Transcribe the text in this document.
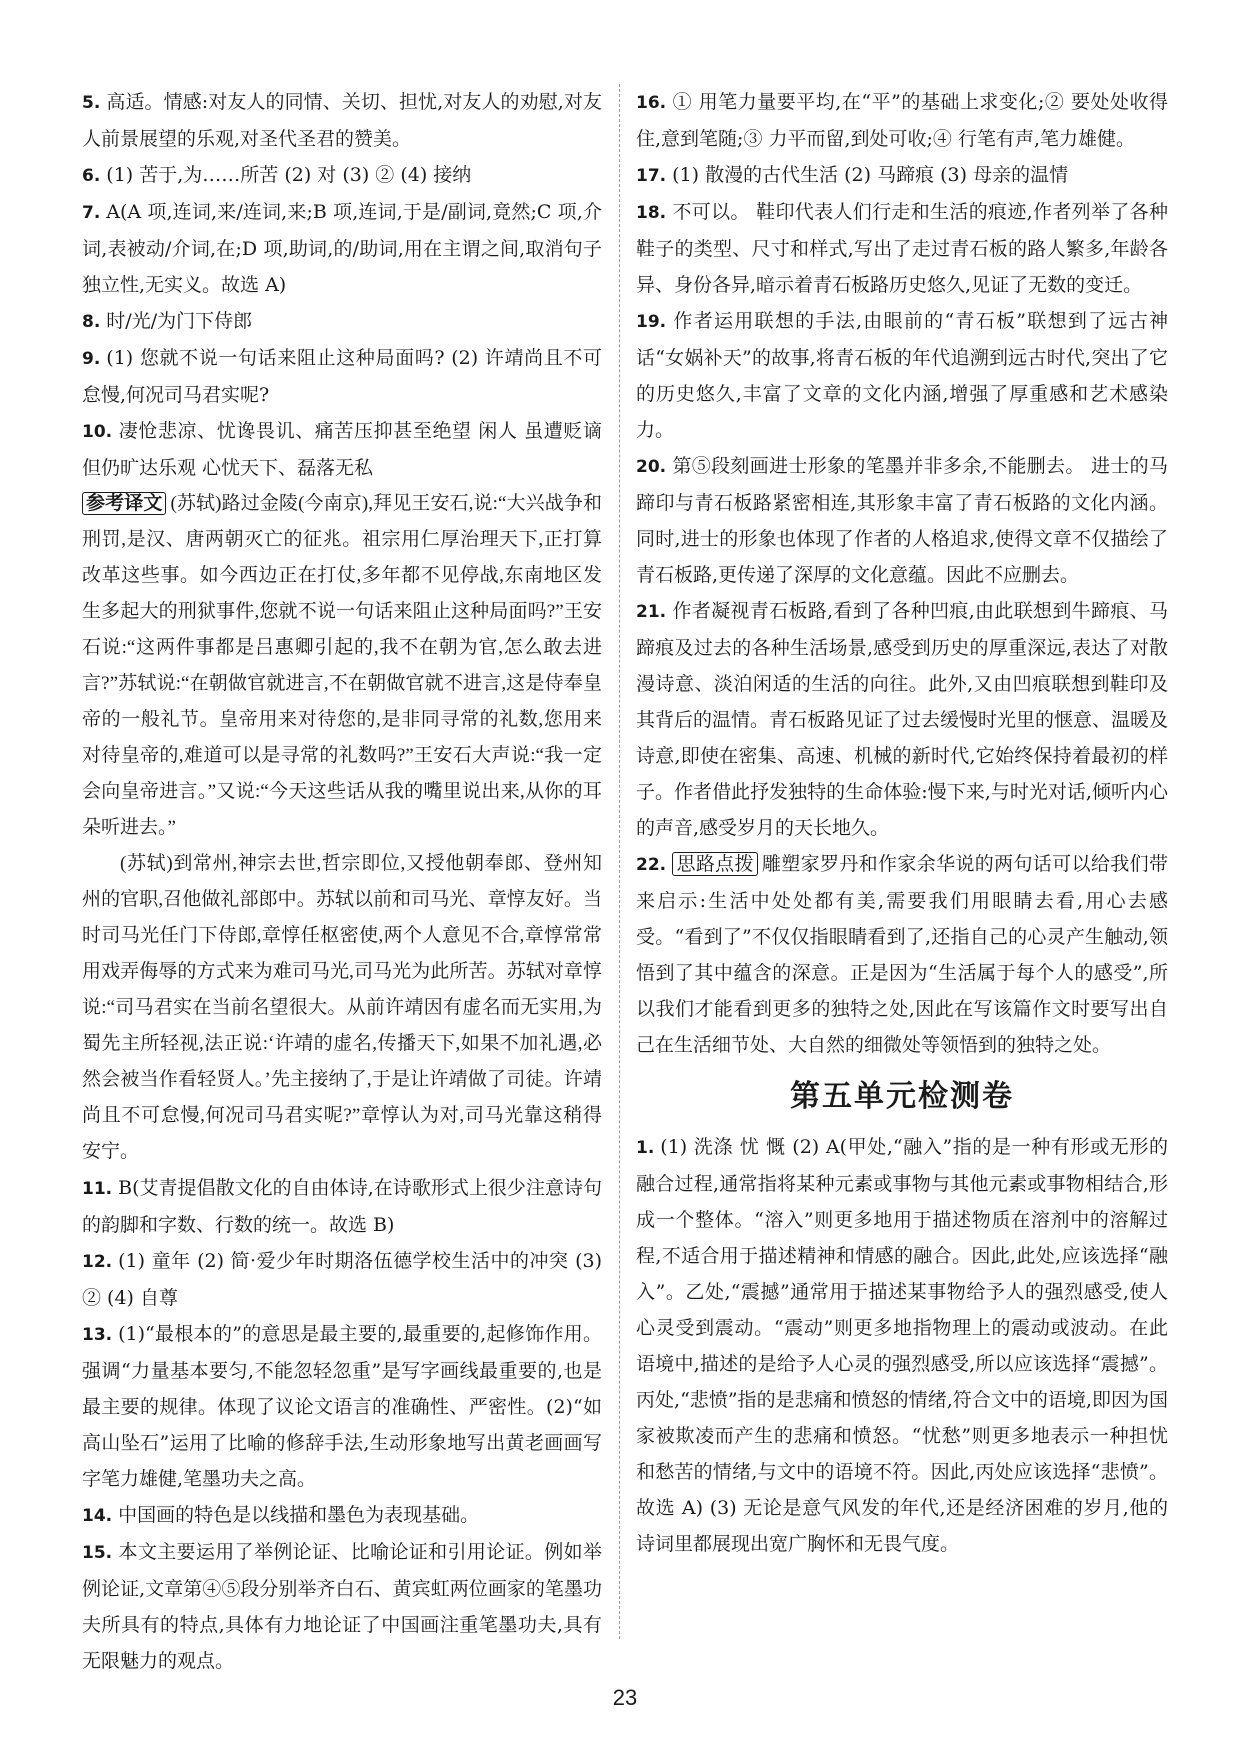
5. 高适。情感:对友人的同情、关切、担忧,对友人的劝慰,对友人前景展望的乐观,对圣代圣君的赞美。

6. (1) 苦于,为……所苦 (2) 对 (3) ② (4) 接纳

7. A(A 项,连词,来/连词,来;B 项,连词,于是/副词,竟然;C 项,介词,表被动/介词,在;D 项,助词,的/助词,用在主谓之间,取消句子独立性,无实义。故选 A)

8. 时/光/为门下侍郎

9. (1) 您就不说一句话来阻止这种局面吗? (2) 许靖尚且不可怠慢,何况司马君实呢?

10. 凄怆悲凉、忧谗畏讥、痛苦压抑甚至绝望 闲人 虽遭贬谪但仍旷达乐观 心忧天下、磊落无私

参考译文 (苏轼)路过金陵(今南京),拜见王安石,说:“大兴战争和刑罚,是汉、唐两朝灭亡的征兆。祖宗用仁厚治理天下,正打算改革这些事。如今西边正在打仗,多年都不见停战,东南地区发生多起大的刑狱事件,您就不说一句话来阻止这种局面吗?”王安石说:“这两件事都是吕惠卿引起的,我不在朝为官,怎么敢去进言?”苏轼说:“在朝做官就进言,不在朝做官就不进言,这是侍奉皇帝的一般礼节。皇帝用来对待您的,是非同寻常的礼数,您用来对待皇帝的,难道可以是寻常的礼数吗?”王安石大声说:“我一定会向皇帝进言。”又说:“今天这些话从我的嘴里说出来,从你的耳朵听进去。”

(苏轼)到常州,神宗去世,哲宗即位,又授他朝奉郎、登州知州的官职,召他做礼部郎中。苏轼以前和司马光、章惇友好。当时司马光任门下侍郎,章惇任枢密使,两个人意见不合,章惇常常用戏弄侮辱的方式来为难司马光,司马光为此所苦。苏轼对章惇说:“司马君实在当前名望很大。从前许靖因有虚名而无实用,为蜀先主所轻视,法正说:‘许靖的虚名,传播天下,如果不加礼遇,必然会被当作看轻贤人。’先主接纳了,于是让许靖做了司徒。许靖尚且不可怠慢,何况司马君实呢?”章惇认为对,司马光靠这稍得安宁。

11. B(艾青提倡散文化的自由体诗,在诗歌形式上很少注意诗句的韵脚和字数、行数的统一。故选 B)

12. (1) 童年 (2) 简·爱少年时期洛伍德学校生活中的冲突 (3) ② (4) 自尊

13. (1)“最根本的”的意思是最主要的,最重要的,起修饰作用。强调“力量基本要匀,不能忽轻忽重”是写字画线最重要的,也是最主要的规律。体现了议论文语言的准确性、严密性。(2)“如高山坠石”运用了比喻的修辞手法,生动形象地写出黄老画画写字笔力雄健,笔墨功夫之高。

14. 中国画的特色是以线描和墨色为表现基础。

15. 本文主要运用了举例论证、比喻论证和引用论证。例如举例论证,文章第④⑤段分别举齐白石、黄宾虹两位画家的笔墨功夫所具有的特点,具体有力地论证了中国画注重笔墨功夫,具有无限魅力的观点。

16. ① 用笔力量要平均,在“平”的基础上求变化;② 要处处收得住,意到笔随;③ 力平而留,到处可收;④ 行笔有声,笔力雄健。

17. (1) 散漫的古代生活 (2) 马蹄痕 (3) 母亲的温情

18. 不可以。 鞋印代表人们行走和生活的痕迹,作者列举了各种鞋子的类型、尺寸和样式,写出了走过青石板的路人繁多,年龄各异、身份各异,暗示着青石板路历史悠久,见证了无数的变迁。

19. 作者运用联想的手法,由眼前的“青石板”联想到了远古神话“女娲补天”的故事,将青石板的年代追溯到远古时代,突出了它的历史悠久,丰富了文章的文化内涵,增强了厚重感和艺术感染力。

20. 第⑤段刻画进士形象的笔墨并非多余,不能删去。 进士的马蹄印与青石板路紧密相连,其形象丰富了青石板路的文化内涵。同时,进士的形象也体现了作者的人格追求,使得文章不仅描绘了青石板路,更传递了深厚的文化意蕴。因此不应删去。

21. 作者凝视青石板路,看到了各种凹痕,由此联想到牛蹄痕、马蹄痕及过去的各种生活场景,感受到历史的厚重深远,表达了对散漫诗意、淡泊闲适的生活的向往。此外,又由凹痕联想到鞋印及其背后的温情。青石板路见证了过去缓慢时光里的惬意、温暖及诗意,即使在密集、高速、机械的新时代,它始终保持着最初的样子。作者借此抒发独特的生命体验:慢下来,与时光对话,倾听内心的声音,感受岁月的天长地久。

22. 思路点拨 雕塑家罗丹和作家余华说的两句话可以给我们带来启示:生活中处处都有美,需要我们用眼睛去看,用心去感受。“看到了”不仅仅指眼睛看到了,还指自己的心灵产生触动,领悟到了其中蕴含的深意。正是因为“生活属于每个人的感受”,所以我们才能看到更多的独特之处,因此在写该篇作文时要写出自己在生活细节处、大自然的细微处等领悟到的独特之处。

第五单元检测卷

1. (1) 洗涤 忧 慨 (2) A(甲处,“融入”指的是一种有形或无形的融合过程,通常指将某种元素或事物与其他元素或事物相结合,形成一个整体。“溶入”则更多地用于描述物质在溶剂中的溶解过程,不适合用于描述精神和情感的融合。因此,此处,应该选择“融入”。乙处,“震撼”通常用于描述某事物给予人的强烈感受,使人心灵受到震动。“震动”则更多地指物理上的震动或波动。在此语境中,描述的是给予人心灵的强烈感受,所以应该选择“震撼”。丙处,“悲愤”指的是悲痛和愤怒的情绪,符合文中的语境,即因为国家被欺凌而产生的悲痛和愤怒。“忧愁”则更多地表示一种担忧和愁苦的情绪,与文中的语境不符。因此,丙处应该选择“悲愤”。故选 A) (3) 无论是意气风发的年代,还是经济困难的岁月,他的诗词里都展现出宽广胸怀和无畏气度。

23
